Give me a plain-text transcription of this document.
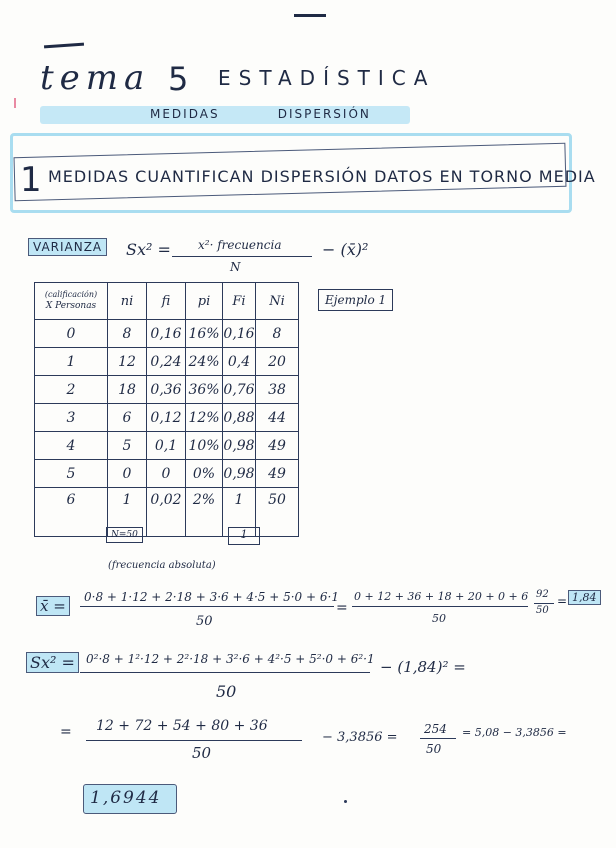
tema 5 ESTADÍSTICA
MEDIDAS	DISPERSIÓN
1 MEDIDAS CUANTIFICAN DISPERSIÓN DATOS EN TORNO MEDIA
VARIANZA	Sx² = x²· frecuencia
N
− (x̄)²
Ejemplo 1
(calificación)
X Personas	ni	fi	pi	Fi	Ni
0	8	0,16	16%	0,16	8
1	12	0,24	24%	0,4	20
2	18	0,36	36%	0,76	38
3	6	0,12	12%	0,88	44
4	5	0,1	10%	0,98	49
5	0	0	0%	0,98	49
6	1	0,02	2%	1	50
N=50	1
(frecuencia absoluta)
x̄ =	0·8 + 1·12 + 2·18 + 3·6 + 4·5 + 5·0 + 6·1
50
=
0 + 12 + 36 + 18 + 20 + 0 + 6
50
92
50
= 1,84
Sx² = 0²·8 + 1²·12 + 2²·18 + 3²·6 + 4²·5 + 5²·0 + 6²·1
50
− (1,84)² =
= 12 + 72 + 54 + 80 + 36
50
− 3,3856 =
254
50
= 5,08 − 3,3856 =
1,6944
